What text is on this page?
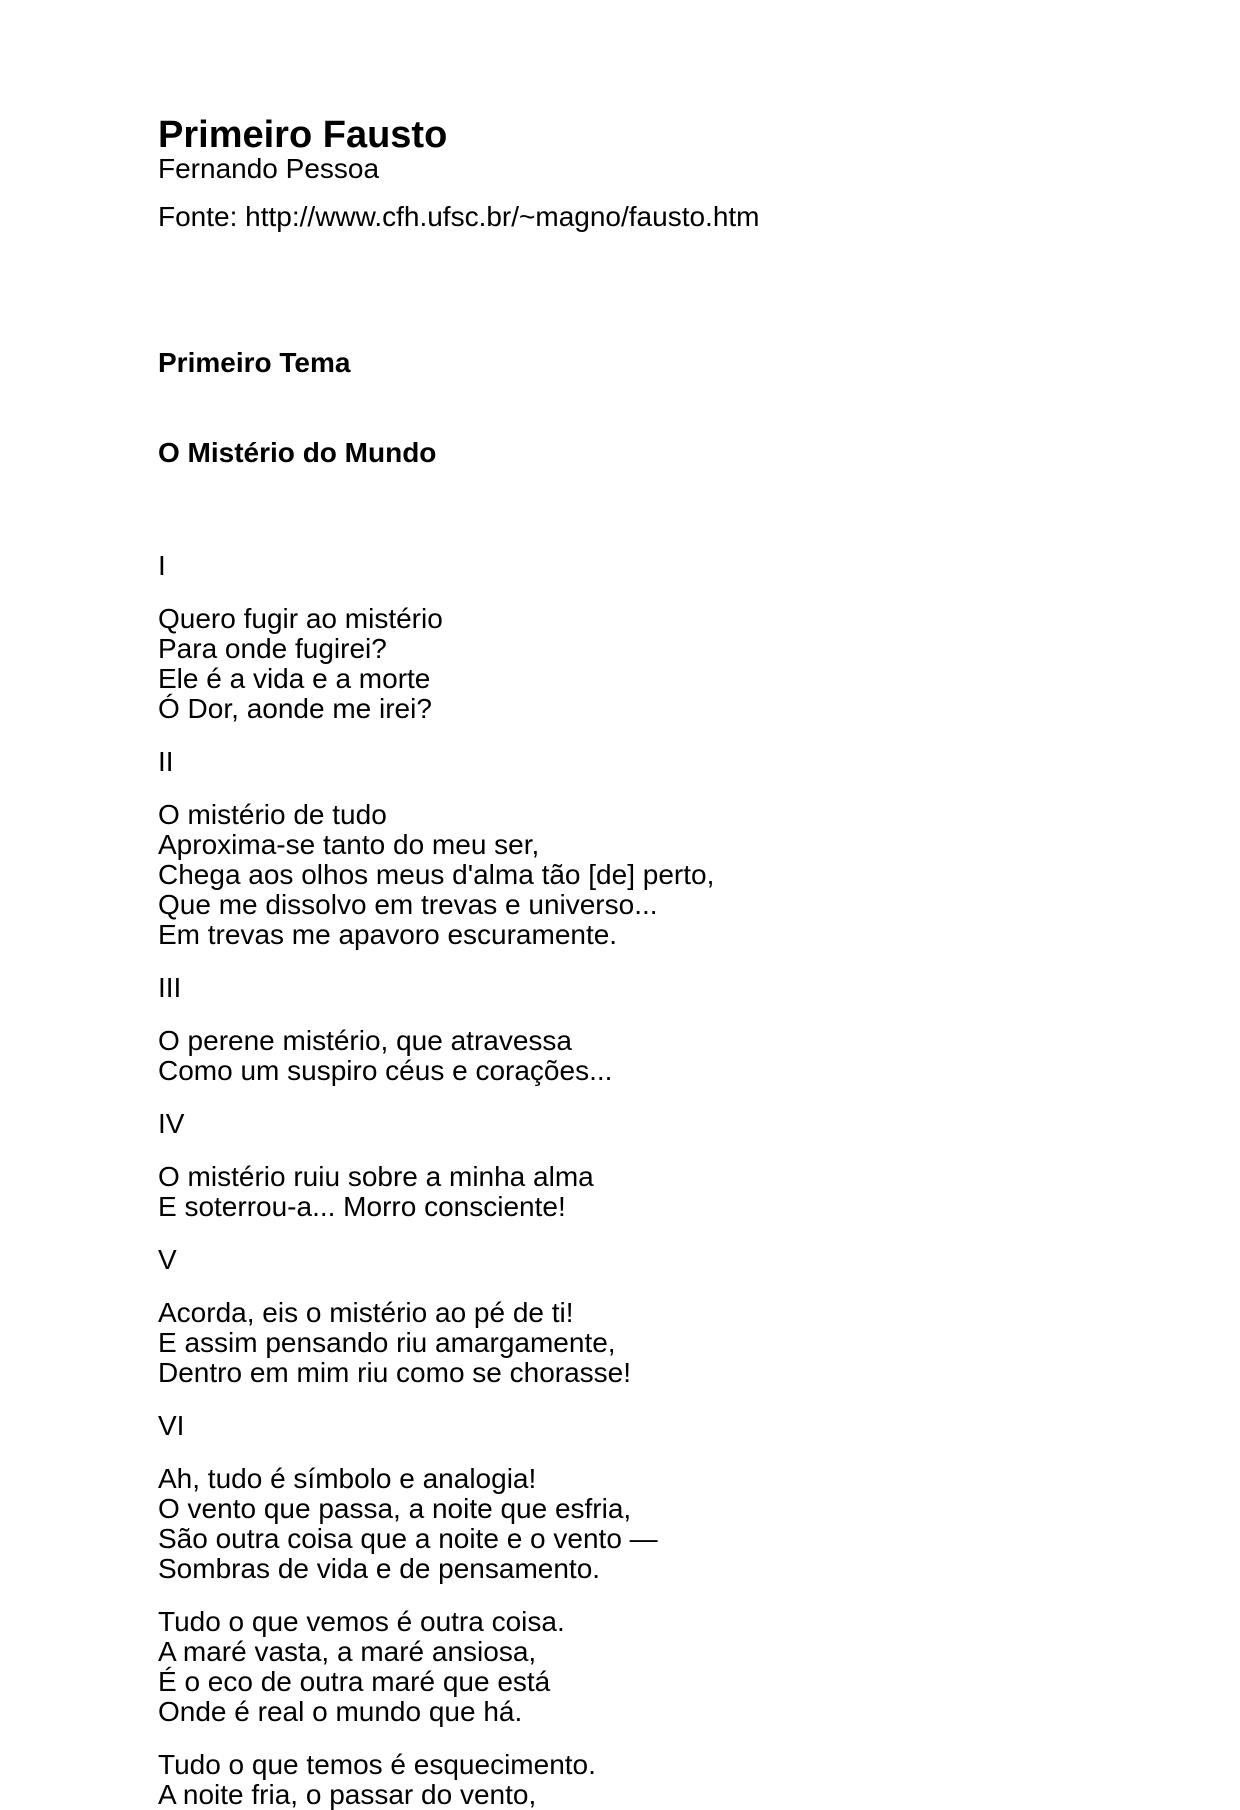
Primeiro Fausto
Fernando Pessoa
Fonte: http://www.cfh.ufsc.br/~magno/fausto.htm

Primeiro Tema

O Mistério do Mundo

I
Quero fugir ao mistério
Para onde fugirei?
Ele é a vida e a morte
Ó Dor, aonde me irei?
II
O mistério de tudo
Aproxima-se tanto do meu ser,
Chega aos olhos meus d'alma tão [de] perto,
Que me dissolvo em trevas e universo...
Em trevas me apavoro escuramente.
III
O perene mistério, que atravessa
Como um suspiro céus e corações...
IV
O mistério ruiu sobre a minha alma
E soterrou-a... Morro consciente!
V
Acorda, eis o mistério ao pé de ti!
E assim pensando riu amargamente,
Dentro em mim riu como se chorasse!
VI
Ah, tudo é símbolo e analogia!
O vento que passa, a noite que esfria,
São outra coisa que a noite e o vento —
Sombras de vida e de pensamento.
Tudo o que vemos é outra coisa.
A maré vasta, a maré ansiosa,
É o eco de outra maré que está
Onde é real o mundo que há.
Tudo o que temos é esquecimento.
A noite fria, o passar do vento,
